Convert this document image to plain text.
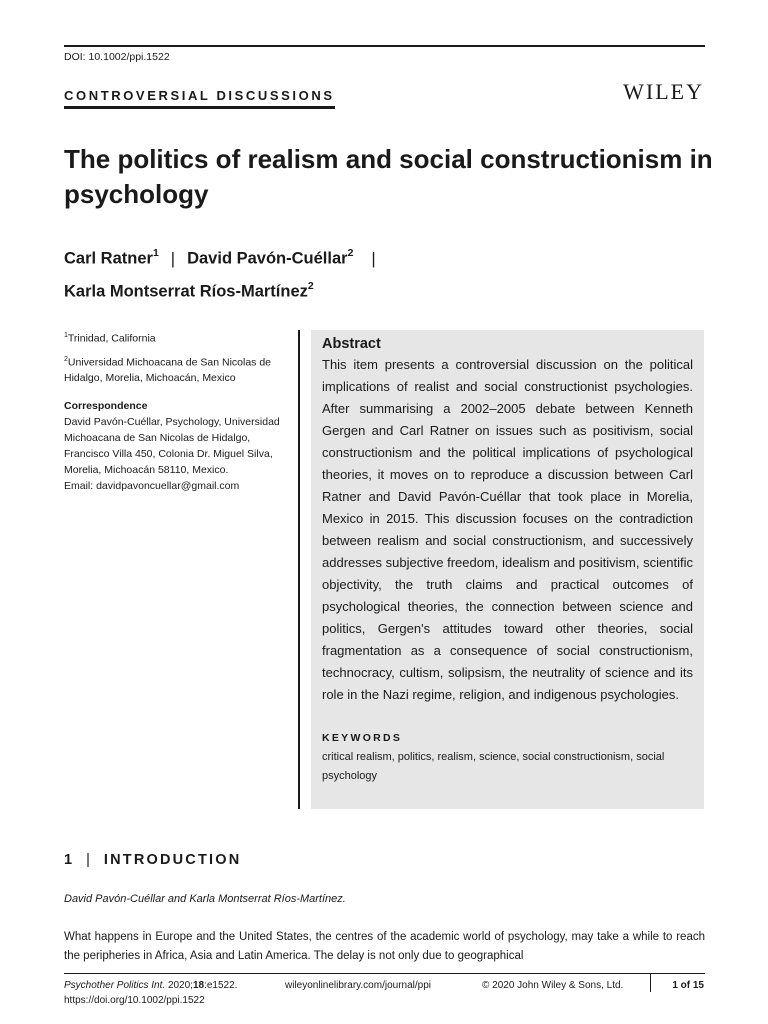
DOI: 10.1002/ppi.1522
CONTROVERSIAL DISCUSSIONS	WILEY
The politics of realism and social constructionism in psychology
Carl Ratner$^1$ | David Pavón-Cuéllar$^2$ |
Karla Montserrat Ríos-Martínez$^2$

$^1$Trinidad, California

$^2$Universidad Michoacana de San Nicolas de Hidalgo, Morelia, Michoacán, Mexico

Correspondence

David Pavón-Cuéllar, Psychology, Universidad Michoacana de San Nicolas de Hidalgo, Francisco Villa 450, Colonia Dr. Miguel Silva, Morelia, Michoacán 58110, Mexico.

Email: davidpavoncuellar@gmail.com

Abstract

This item presents a controversial discussion on the political implications of realist and social constructionist psychologies. After summarising a 2002–2005 debate between Kenneth Gergen and Carl Ratner on issues such as positivism, social constructionism and the political implications of psychological theories, it moves on to reproduce a discussion between Carl Ratner and David Pavón-Cuéllar that took place in Morelia, Mexico in 2015. This discussion focuses on the contradiction between realism and social constructionism, and successively addresses subjective freedom, idealism and positivism, scientific objectivity, the truth claims and practical outcomes of psychological theories, the connection between science and politics, Gergen's attitudes toward other theories, social fragmentation as a consequence of social constructionism, technocracy, cultism, solipsism, the neutrality of science and its role in the Nazi regime, religion, and indigenous psychologies.

KEYWORDS

critical realism, politics, realism, science, social constructionism, social psychology

1 | INTRODUCTION
David Pavón-Cuéllar and Karla Montserrat Ríos-Martínez.
What happens in Europe and the United States, the centres of the academic world of psychology, may take a while to reach the peripheries in Africa, Asia and Latin America. The delay is not only due to geographical
Psychother Politics Int. 2020;18:e1522.
https://doi.org/10.1002/ppi.1522
wileyonlinelibrary.com/journal/ppi	© 2020 John Wiley & Sons, Ltd.	1 of 15
